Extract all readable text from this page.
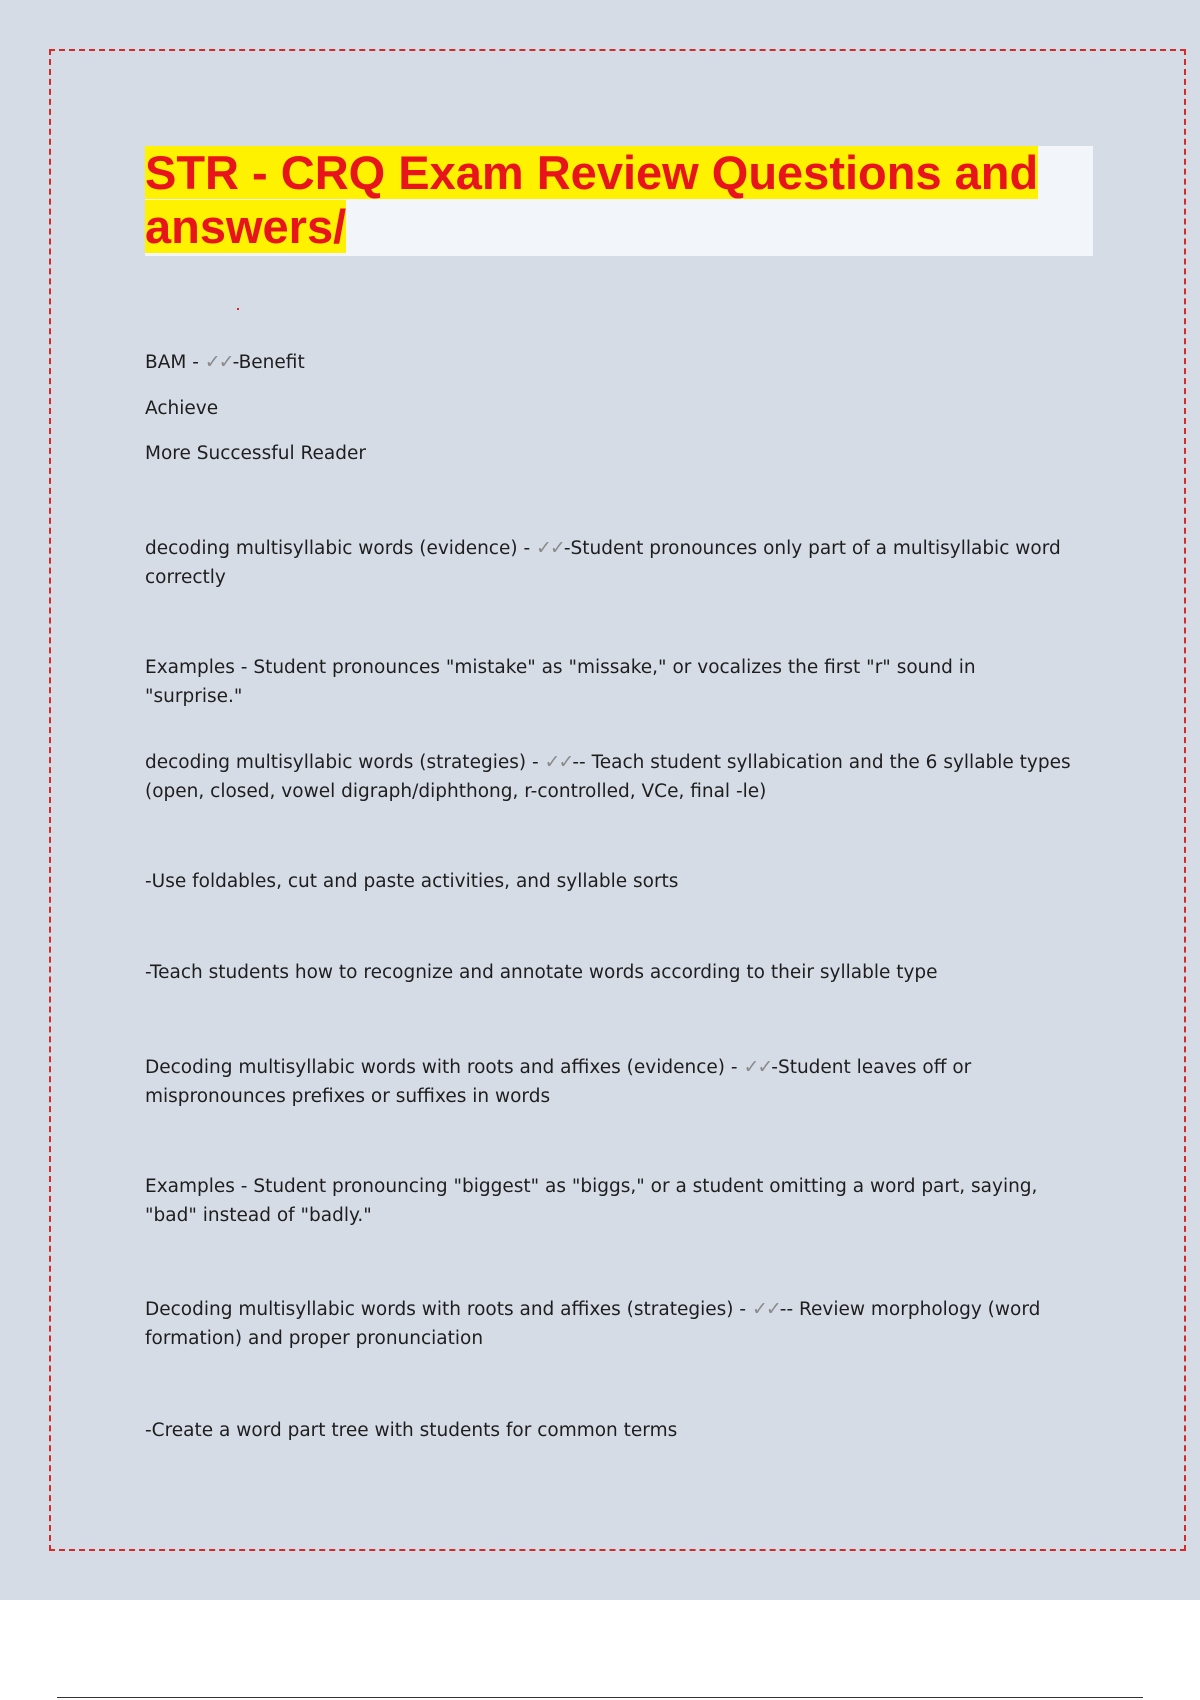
STR - CRQ Exam Review Questions and
answers/

BAM - ✓✓-Benefit

Achieve

More Successful Reader

decoding multisyllabic words (evidence) - ✓✓-Student pronounces only part of a multisyllabic word correctly

Examples - Student pronounces "mistake" as "missake," or vocalizes the first "r" sound in "surprise."

decoding multisyllabic words (strategies) - ✓✓-- Teach student syllabication and the 6 syllable types (open, closed, vowel digraph/diphthong, r-controlled, VCe, final -le)

-Use foldables, cut and paste activities, and syllable sorts

-Teach students how to recognize and annotate words according to their syllable type

Decoding multisyllabic words with roots and affixes (evidence) - ✓✓-Student leaves off or mispronounces prefixes or suffixes in words

Examples - Student pronouncing "biggest" as "biggs," or a student omitting a word part, saying, "bad" instead of "badly."

Decoding multisyllabic words with roots and affixes (strategies) - ✓✓-- Review morphology (word formation) and proper pronunciation

-Create a word part tree with students for common terms
